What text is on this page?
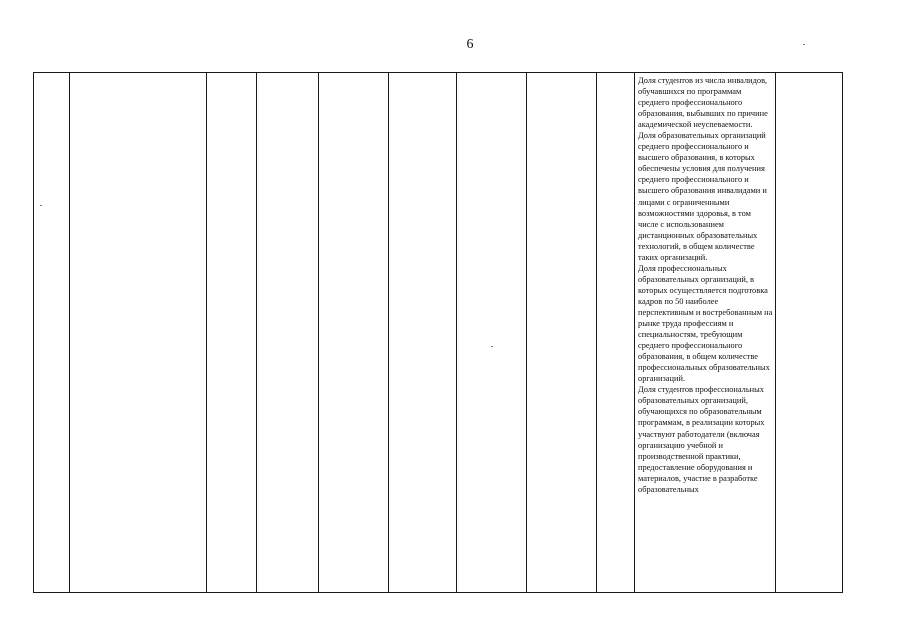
6

Доля студентов из числа инвалидов, обучавшихся по программам среднего профессионального образования, выбывших по причине академической неуспеваемости.

Доля образовательных организаций среднего профессионального и высшего образования, в которых обеспечены условия для получения среднего профессионального и высшего образования инвалидами и лицами с ограниченными возможностями здоровья, в том числе с использованием дистанционных образовательных технологий, в общем количестве таких организаций.

Доля профессиональных образовательных организаций, в которых осуществляется подготовка кадров по 50 наиболее перспективным и востребованным на рынке труда профессиям и специальностям, требующим среднего профессионального образования, в общем количестве профессиональных образовательных организаций.

Доля студентов профессиональных образовательных организаций, обучающихся по образовательным программам, в реализации которых участвуют работодатели (включая организацию учебной и производственной практики, предоставление оборудования и материалов, участие в разработке образовательных
